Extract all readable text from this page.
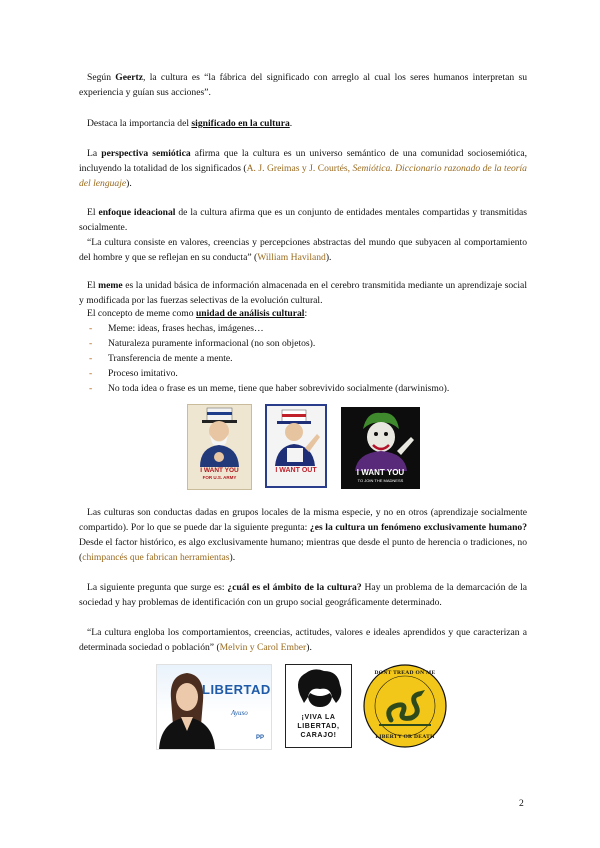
Según Geertz, la cultura es “la fábrica del significado con arreglo al cual los seres humanos interpretan su experiencia y guían sus acciones”.

Destaca la importancia del significado en la cultura.

La perspectiva semiótica afirma que la cultura es un universo semántico de una comunidad sociosemiótica, incluyendo la totalidad de los significados (A. J. Greimas y J. Courtés, Semiótica. Diccionario razonado de la teoría del lenguaje).

El enfoque ideacional de la cultura afirma que es un conjunto de entidades mentales compartidas y transmitidas socialmente.

“La cultura consiste en valores, creencias y percepciones abstractas del mundo que subyacen al comportamiento del hombre y que se reflejan en su conducta” (William Haviland).

El meme es la unidad básica de información almacenada en el cerebro transmitida mediante un aprendizaje social y modificada por las fuerzas selectivas de la evolución cultural.

El concepto de meme como unidad de análisis cultural:

- Meme: ideas, frases hechas, imágenes…
- Naturaleza puramente informacional (no son objetos).
- Transferencia de mente a mente.
- Proceso imitativo.
- No toda idea o frase es un meme, tiene que haber sobrevivido socialmente (darwinismo).
I WANT YOU
FOR U.S. ARMY
I WANT OUT	I WANT YOU
TO JOIN THE MADNESS

Las culturas son conductas dadas en grupos locales de la misma especie, y no en otros (aprendizaje socialmente compartido). Por lo que se puede dar la siguiente pregunta: ¿es la cultura un fenómeno exclusivamente humano? Desde el factor histórico, es algo exclusivamente humano; mientras que desde el punto de herencia o tradiciones, no (chimpancés que fabrican herramientas).

La siguiente pregunta que surge es: ¿cuál es el ámbito de la cultura? Hay un problema de la demarcación de la sociedad y hay problemas de identificación con un grupo social geográficamente determinado.

“La cultura engloba los comportamientos, creencias, actitudes, valores e ideales aprendidos y que caracterizan a determinada sociedad o población” (Melvin y Carol Ember).

LIBERTAD
Ayuso
PP
¡VIVA LA LIBERTAD, CARAJO!
DONT TREAD ON ME
LIBERTY OR DEATH
2
